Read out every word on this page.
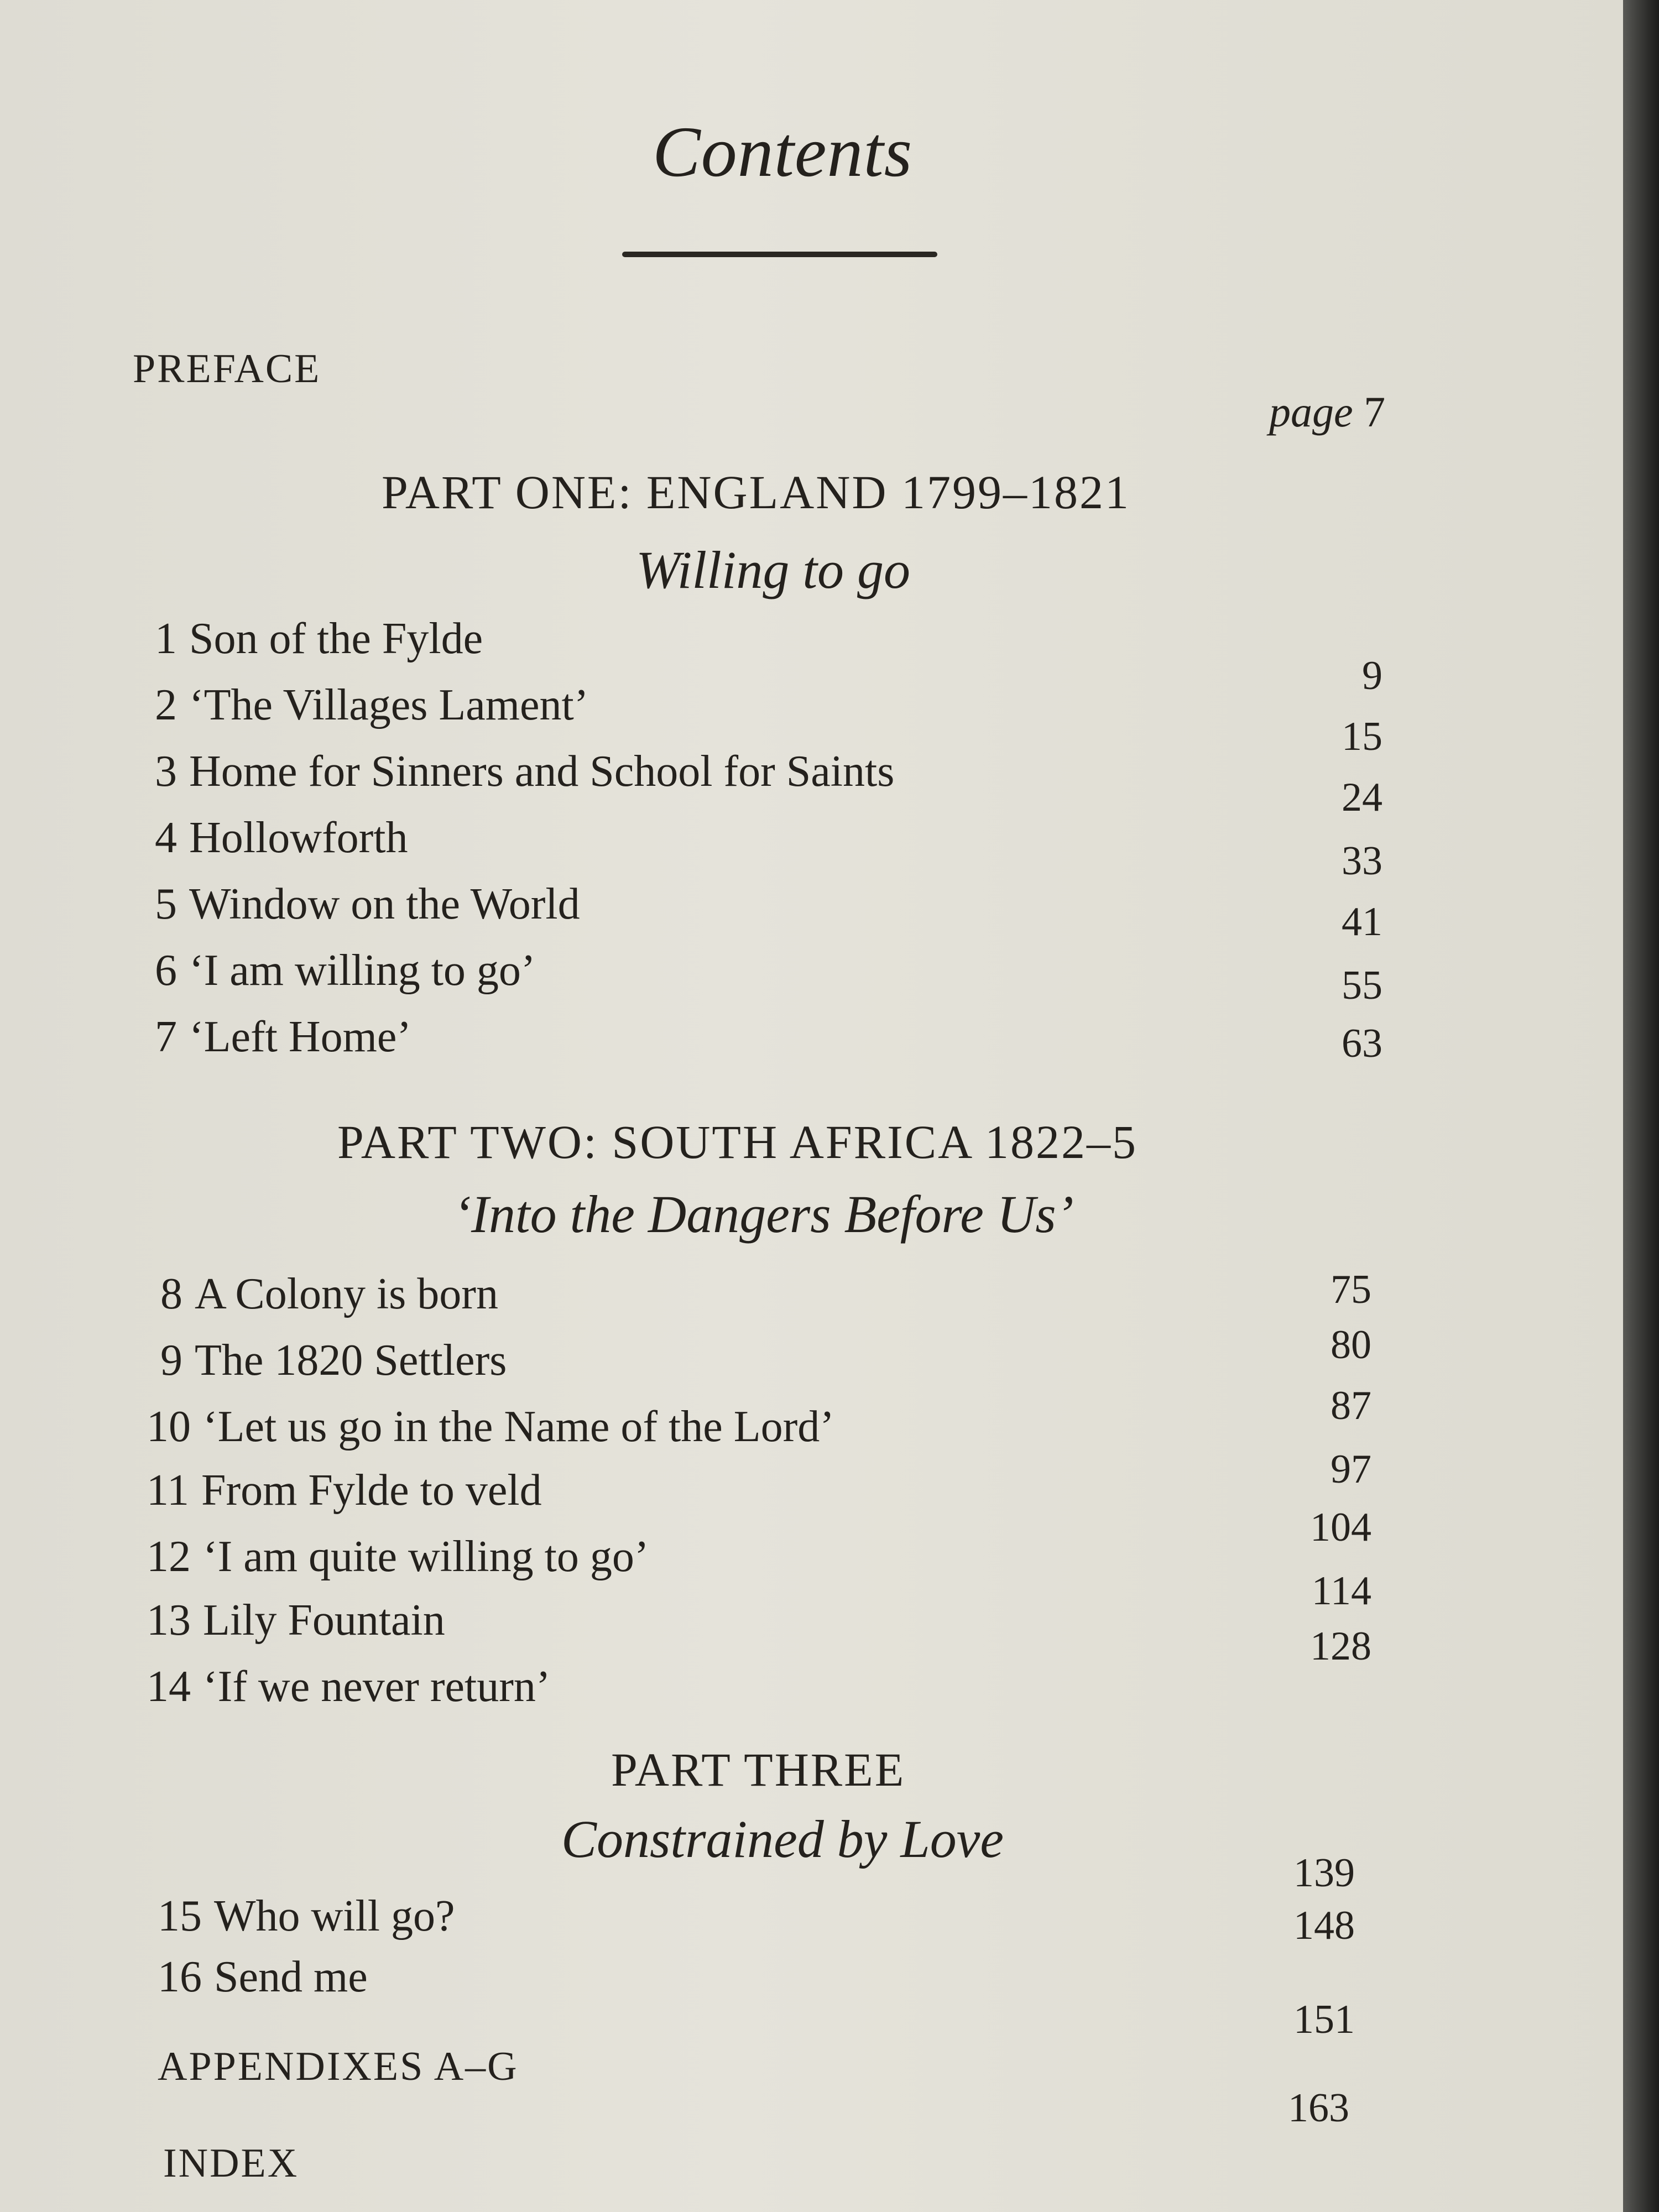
Contents
PREFACE
page 7
PART ONE: ENGLAND 1799–1821
Willing to go
1 Son of the Fylde
2 ‘The Villages Lament’
3 Home for Sinners and School for Saints
4 Hollowforth
5 Window on the World
6 ‘I am willing to go’
7 ‘Left Home’
9
15
24
33
41
55
63
PART TWO: SOUTH AFRICA 1822–5
‘Into the Dangers Before Us’
8 A Colony is born
9 The 1820 Settlers
10 ‘Let us go in the Name of the Lord’
11 From Fylde to veld
12 ‘I am quite willing to go’
13 Lily Fountain
14 ‘If we never return’
75
80
87
97
104
114
128
PART THREE
Constrained by Love
139
15 Who will go?	148
16 Send me
151
APPENDIXES A–G
163
INDEX
